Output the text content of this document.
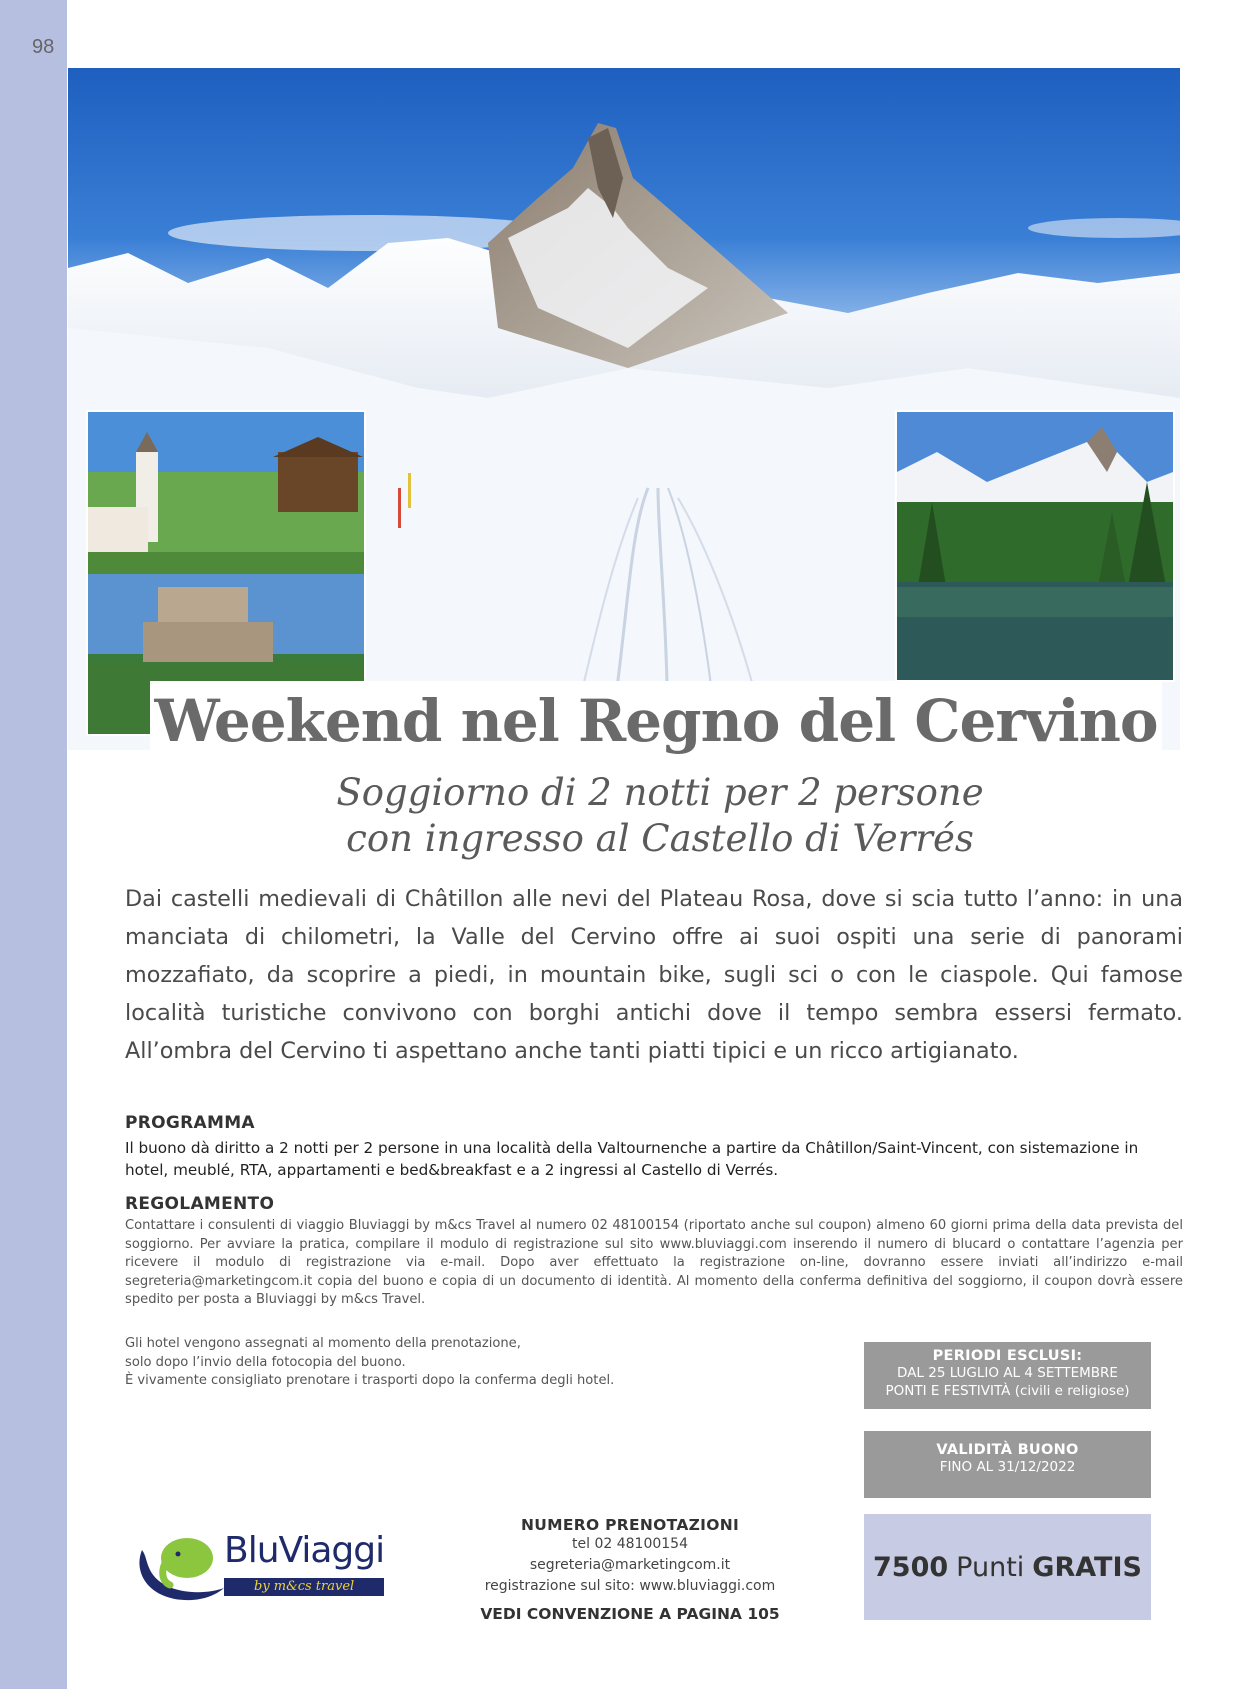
98
Weekend nel Regno del Cervino
Soggiorno di 2 notti per 2 persone
con ingresso al Castello di Verrés
Dai castelli medievali di Châtillon alle nevi del Plateau Rosa, dove si scia tutto l’anno: in una manciata di chilometri, la Valle del Cervino offre ai suoi ospiti una serie di panorami mozzafiato, da scoprire a piedi, in mountain bike, sugli sci o con le ciaspole. Qui famose località turistiche convivono con borghi antichi dove il tempo sembra essersi fermato. All’ombra del Cervino ti aspettano anche tanti piatti tipici e un ricco artigianato.
PROGRAMMA
Il buono dà diritto a 2 notti per 2 persone in una località della Valtournenche a partire da Châtillon/Saint-Vincent, con sistemazione in hotel, meublé, RTA, appartamenti e bed&breakfast e a 2 ingressi al Castello di Verrés.
REGOLAMENTO
Contattare i consulenti di viaggio Bluviaggi by m&cs Travel al numero 02 48100154 (riportato anche sul coupon) almeno 60 giorni prima della data prevista del soggiorno. Per avviare la pratica, compilare il modulo di registrazione sul sito www.bluviaggi.com inserendo il numero di blucard o contattare l’agenzia per ricevere il modulo di registrazione via e-mail. Dopo aver effettuato la registrazione on-line, dovranno essere inviati all’indirizzo e-mail segreteria@marketingcom.it copia del buono e copia di un documento di identità. Al momento della conferma definitiva del soggiorno, il coupon dovrà essere spedito per posta a Bluviaggi by m&cs Travel.
Gli hotel vengono assegnati al momento della prenotazione,
solo dopo l’invio della fotocopia del buono.
È vivamente consigliato prenotare i trasporti dopo la conferma degli hotel.
PERIODI ESCLUSI:
DAL 25 LUGLIO AL 4 SETTEMBRE
PONTI E FESTIVITÀ (civili e religiose)
VALIDITÀ BUONO
FINO AL 31/12/2022
7500 Punti GRATIS
NUMERO PRENOTAZIONI
tel 02 48100154
segreteria@marketingcom.it
registrazione sul sito: www.bluviaggi.com
VEDI CONVENZIONE A PAGINA 105
BluViaggi
by m&cs travel
